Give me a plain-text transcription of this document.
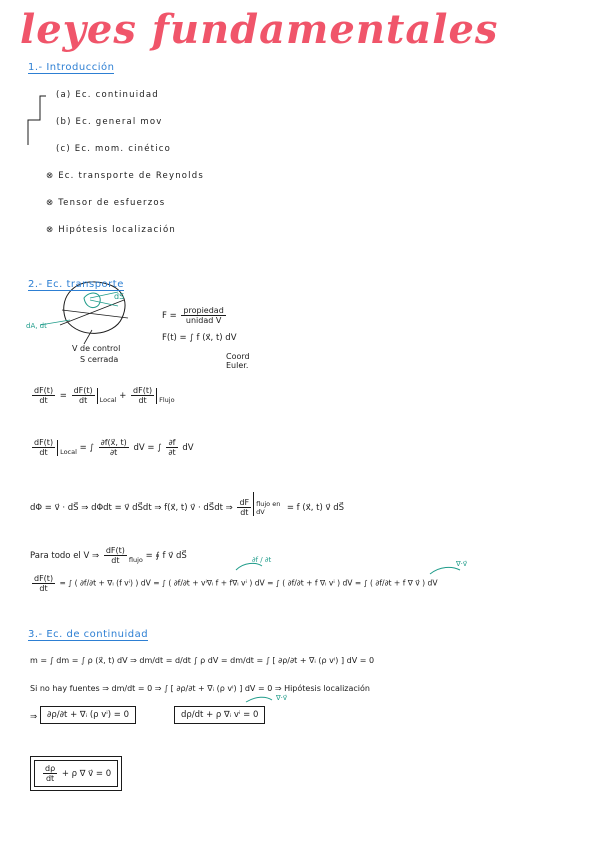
leyes fundamentales
1.- Introducción
(a) Ec. continuidad
(b) Ec. general mov
(c) Ec. mom. cinético
⊗ Ec. transporte de Reynolds
⊗ Tensor de esfuerzos
⊗ Hipótesis localización
2.- Ec. transporte
dS
dA, dt
V de control
S cerrada
$F = \frac{\text{propiedad}}{\text{unidad V}}$
F(t) = ∫ f (x⃗, t) dV
Coord Euler.
$\frac{dF(t)}{dt} = \frac{dF(t)}{dt} _{Local} + \frac{dF(t)}{dt} _{Flujo}$
$\frac{dF(t)}{dt} _{Local}$ = ∫ $\frac{\partial f(x⃗, t)}{\partial t}$ dV = ∫ $\frac{\partial f}{\partial t}$ dV
dΦ = v⃗ · dS⃗ ⇒ dΦdt = v⃗ dS⃗dt ⇒ f(x⃗, t) v⃗ · dS⃗dt ⇒ $\frac{dF}{dt}$ flujo en dV	= f (x⃗, t) v⃗ dS⃗
Para todo el V ⇒ $\frac{dF(t)}{dt} _{flujo}$ = ∮ f v⃗ dS⃗	∂f / ∂t	∇·v⃗
$\frac{dF(t)}{dt}$ = ∫ ( ∂f/∂t + ∇ᵢ (f vⁱ) ) dV = ∫ ( ∂f/∂t + vⁱ∇ᵢ f + f∇ᵢ vⁱ ) dV = ∫ ( ∂f/∂t + f ∇ᵢ vⁱ ) dV = ∫ ( ∂f/∂t + f ∇ v⃗ ) dV
3.- Ec. de continuidad
m = ∫ dm = ∫ ρ (x⃗, t) dV ⇒ dm/dt = d/dt ∫ ρ dV = dm/dt = ∫ [ ∂ρ/∂t + ∇ᵢ (ρ vⁱ) ] dV = 0
Si no hay fuentes ⇒ dm/dt = 0 ⇒ ∫ [ ∂ρ/∂t + ∇ᵢ (ρ vⁱ) ] dV = 0 ⇒ Hipótesis localización
∇·v⃗
⇒	∂ρ/∂t + ∇ᵢ (ρ vⁱ) = 0	dρ/dt + ρ ∇ᵢ vⁱ = 0
$\frac{d\rho}{dt} + \rho$ ∇ v⃗ = 0
